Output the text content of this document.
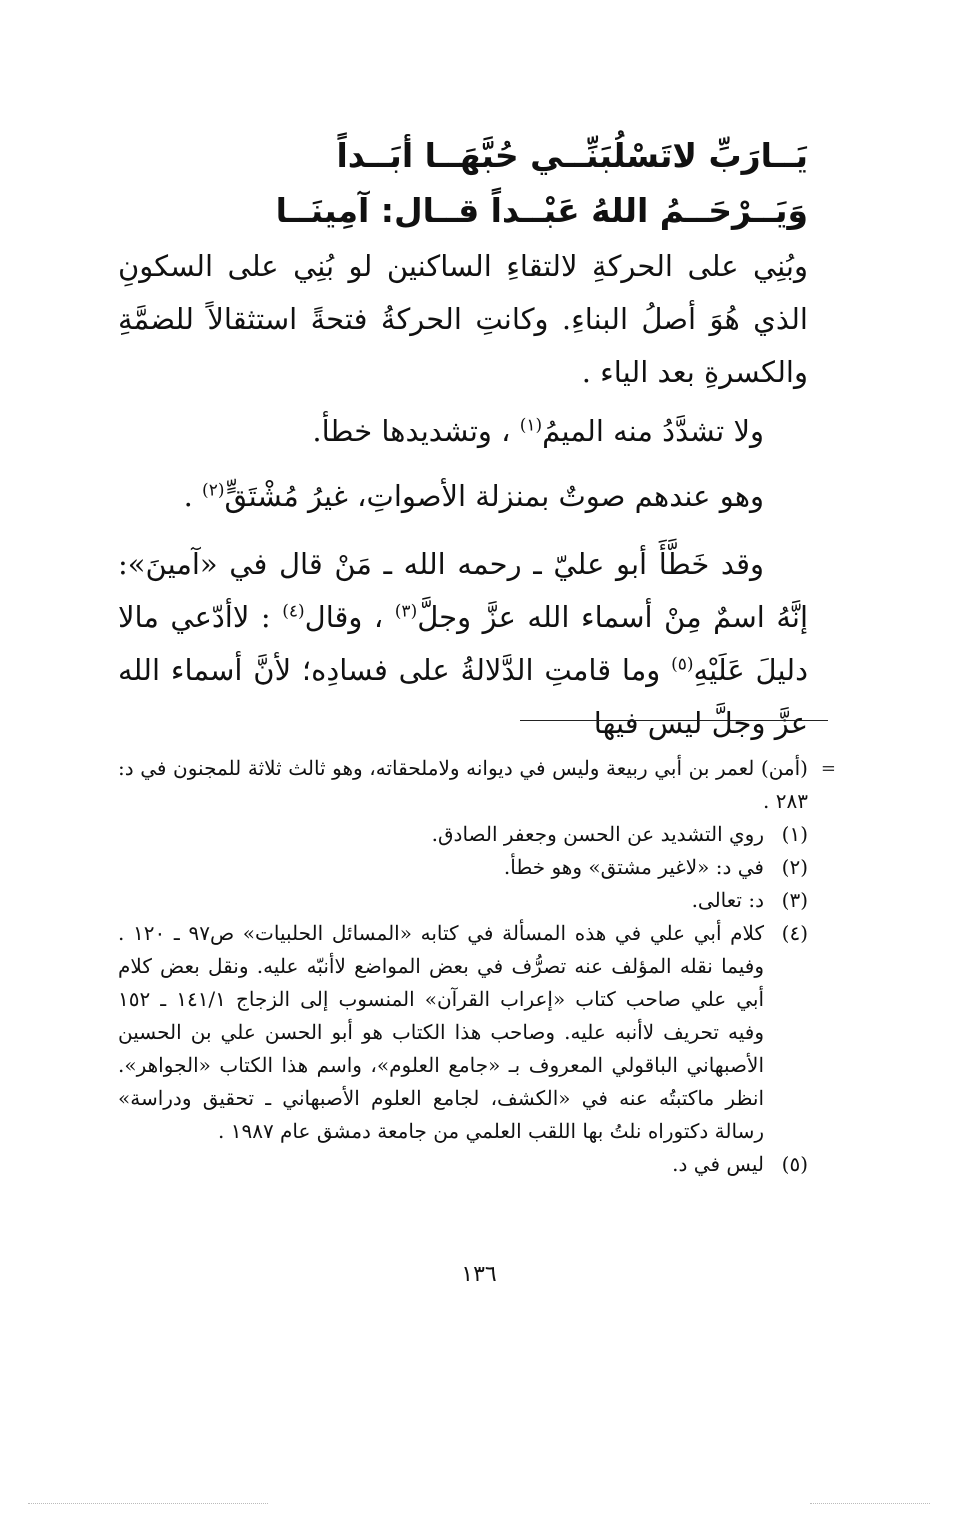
يَــارَبِّ لاتَسْلُبَنِّــي حُبَّهَــا أبَــداً
وَيَــرْحَــمُ اللهُ عَبْــداً قــال: آمِينَــا
وبُنِي على الحركةِ لالتقاءِ الساكنين لو بُنِي على السكونِ الذي هُوَ أصلُ البناءِ. وكانتِ الحركةُ فتحةً استثقالاً للضمَّةِ والكسرةِ بعد الياء .
ولا تشدَّدُ منه الميمُ$^{(١)}$ ، وتشديدها خطأ.
وهو عندهم صوتٌ بمنزلة الأصواتِ، غيرُ مُشْتَقٍّ$^{(٢)}$ .
وقد خَطَّأَ أبو عليّ ـ رحمه الله ـ مَنْ قال في «آمينَ»: إنَّهُ اسمٌ مِنْ أسماء الله عزَّ وجلَّ$^{(٣)}$ ، وقال$^{(٤)}$ : لاأدّعي مالا دليلَ عَلَيْهِ$^{(٥)}$ وما قامتِ الدَّلالةُ على فسادِه؛ لأنَّ أسماء الله عزَّ وجلَّ ليس فيها
=
(أمن) لعمر بن أبي ربيعة وليس في ديوانه ولاملحقاته، وهو ثالث ثلاثة للمجنون في د: ٢٨٣ .
(١)
روي التشديد عن الحسن وجعفر الصادق.
(٢)
في د: «لاغير مشتق» وهو خطأ.
(٣)
د: تعالى.
(٤)
كلام أبي علي في هذه المسألة في كتابه «المسائل الحلبيات» ص٩٧ ـ ١٢٠ . وفيما نقله المؤلف عنه تصرُّف في بعض المواضع لاأنبّه عليه. ونقل بعض كلام أبي علي صاحب كتاب «إعراب القرآن» المنسوب إلى الزجاج ١٤١/١ ـ ١٥٢ وفيه تحريف لاأنبه عليه. وصاحب هذا الكتاب هو أبو الحسن علي بن الحسين الأصبهاني الباقولي المعروف بـ «جامع العلوم»، واسم هذا الكتاب «الجواهر». انظر ماكتبتُه عنه في «الكشف، لجامع العلوم الأصبهاني ـ تحقيق ودراسة» رسالة دكتوراه نلتُ بها اللقب العلمي من جامعة دمشق عام ١٩٨٧ .
(٥)
ليس في د.
١٣٦
